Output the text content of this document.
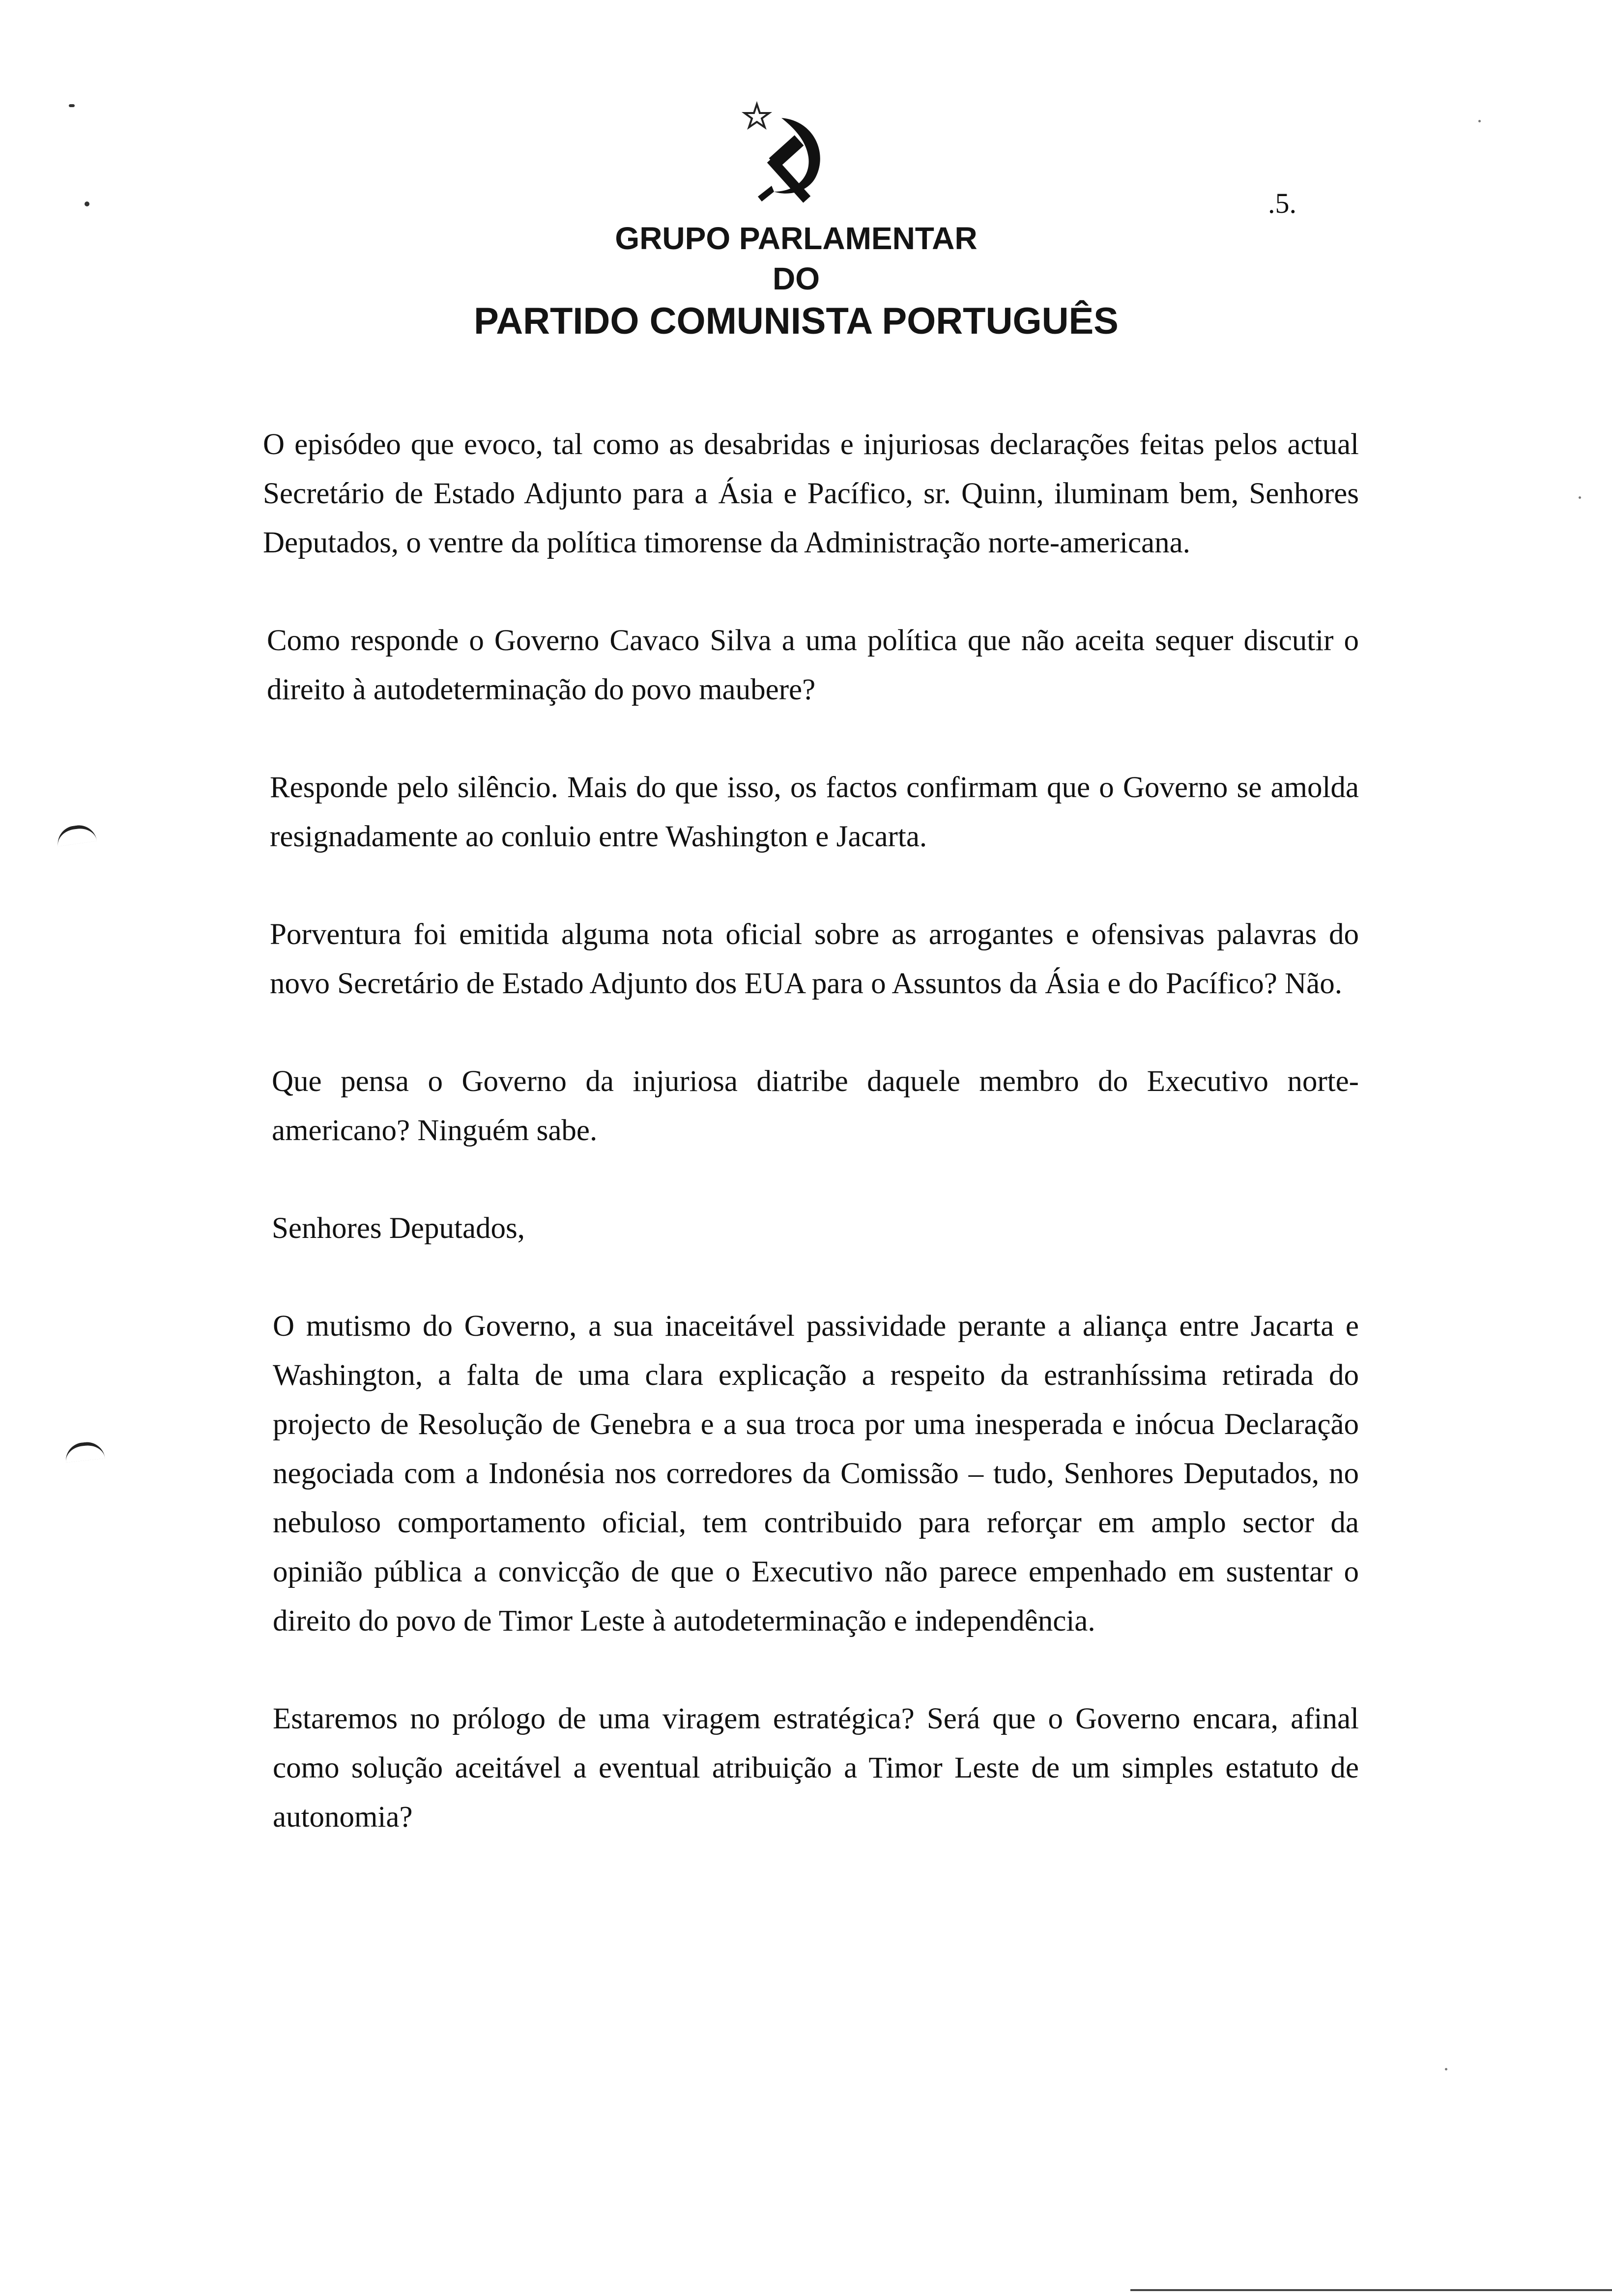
.5.
GRUPO PARLAMENTAR
DO
PARTIDO COMUNISTA PORTUGUÊS

O episódeo que evoco, tal como as desabridas e injuriosas declarações feitas pelos actual Secretário de Estado Adjunto para a Ásia e Pacífico, sr. Quinn, iluminam bem, Senhores Deputados, o ventre da política timorense da Administração norte-americana.

Como responde o Governo Cavaco Silva a uma política que não aceita sequer discutir o direito à autodeterminação do povo maubere?

Responde pelo silêncio. Mais do que isso, os factos confirmam que o Governo se amolda resignadamente ao conluio entre Washington e Jacarta.

Porventura foi emitida alguma nota oficial sobre as arrogantes e ofensivas palavras do novo Secretário de Estado Adjunto dos EUA para o Assuntos da Ásia e do Pacífico? Não.

Que pensa o Governo da injuriosa diatribe daquele membro do Executivo norte-americano? Ninguém sabe.

Senhores Deputados,

O mutismo do Governo, a sua inaceitável passividade perante a aliança entre Jacarta e Washington, a falta de uma clara explicação a respeito da estranhíssima retirada do projecto de Resolução de Genebra e a sua troca por uma inesperada e inócua Declaração negociada com a Indonésia nos corredores da Comissão – tudo, Senhores Deputados, no nebuloso comportamento oficial, tem contribuido para reforçar em amplo sector da opinião pública a convicção de que o Executivo não parece empenhado em sustentar o direito do povo de Timor Leste à autodeterminação e independência.

Estaremos no prólogo de uma viragem estratégica? Será que o Governo encara, afinal como solução aceitável a eventual atribuição a Timor Leste de um simples estatuto de autonomia?
